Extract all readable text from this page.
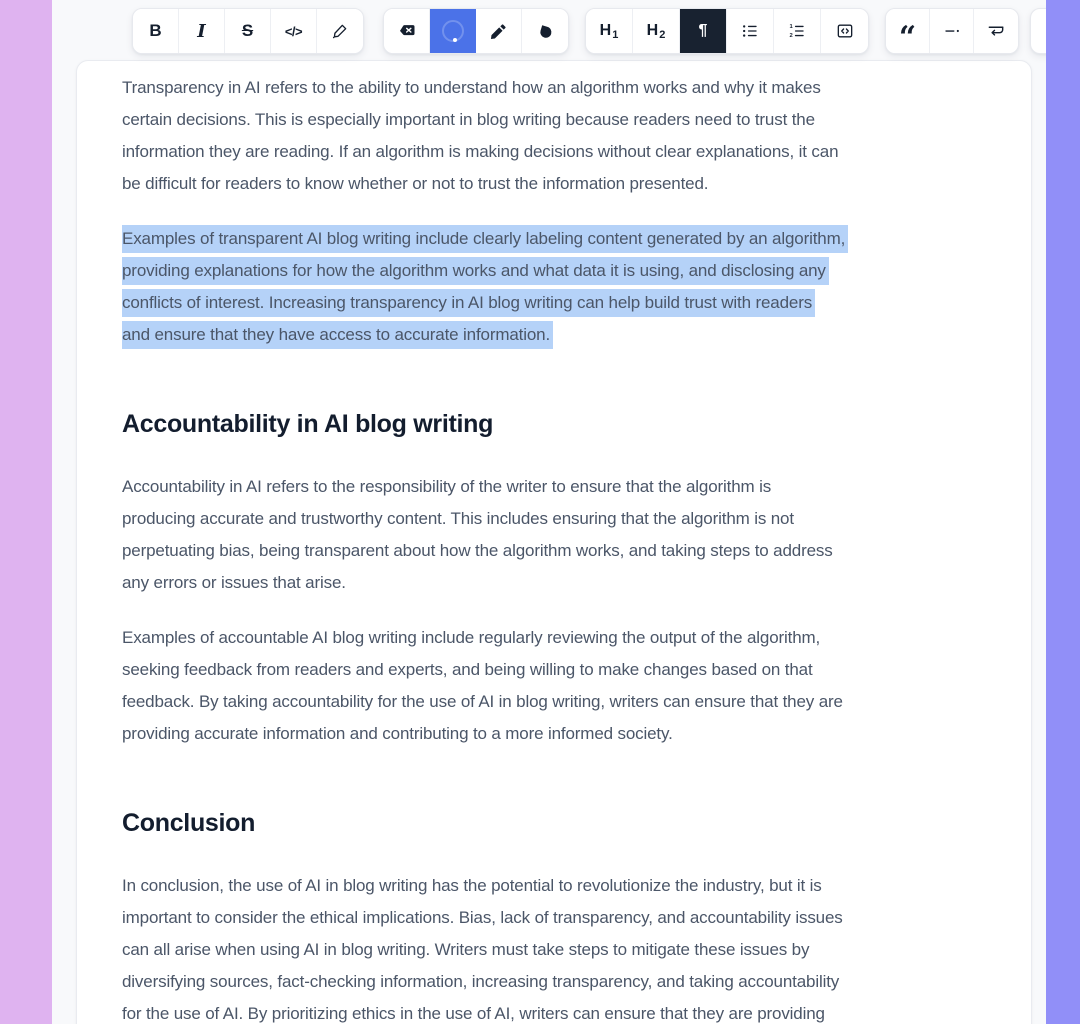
B I S </>	H 1 H 2 ¶	1
2	“

Transparency in AI refers to the ability to understand how an algorithm works and why it makes
certain decisions. This is especially important in blog writing because readers need to trust the
information they are reading. If an algorithm is making decisions without clear explanations, it can
be difficult for readers to know whether or not to trust the information presented.

Examples of transparent AI blog writing include clearly labeling content generated by an algorithm,
providing explanations for how the algorithm works and what data it is using, and disclosing any
conflicts of interest. Increasing transparency in AI blog writing can help build trust with readers
and ensure that they have access to accurate information.

Accountability in AI blog writing

Accountability in AI refers to the responsibility of the writer to ensure that the algorithm is
producing accurate and trustworthy content. This includes ensuring that the algorithm is not
perpetuating bias, being transparent about how the algorithm works, and taking steps to address
any errors or issues that arise.

Examples of accountable AI blog writing include regularly reviewing the output of the algorithm,
seeking feedback from readers and experts, and being willing to make changes based on that
feedback. By taking accountability for the use of AI in blog writing, writers can ensure that they are
providing accurate information and contributing to a more informed society.

Conclusion

In conclusion, the use of AI in blog writing has the potential to revolutionize the industry, but it is
important to consider the ethical implications. Bias, lack of transparency, and accountability issues
can all arise when using AI in blog writing. Writers must take steps to mitigate these issues by
diversifying sources, fact-checking information, increasing transparency, and taking accountability
for the use of AI. By prioritizing ethics in the use of AI, writers can ensure that they are providing
